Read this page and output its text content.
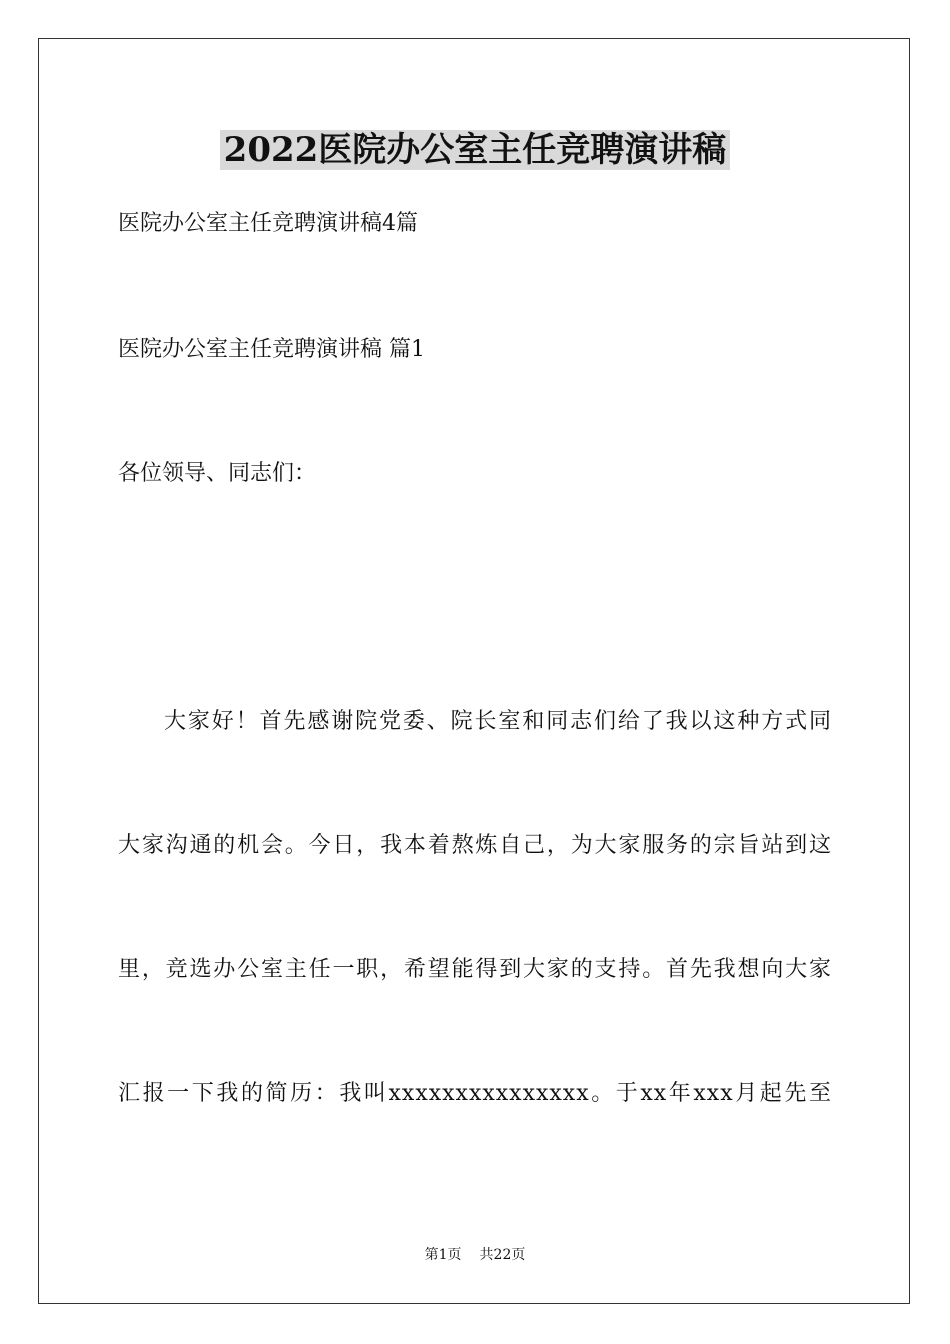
2022医院办公室主任竞聘演讲稿
医院办公室主任竞聘演讲稿4篇
医院办公室主任竞聘演讲稿 篇1
各位领导、同志们：
大家好！首先感谢院党委、院长室和同志们给了我以这种方式同
大家沟通的机会。今日，我本着熬炼自己，为大家服务的宗旨站到这
里，竞选办公室主任一职，希望能得到大家的支持。首先我想向大家
汇报一下我的简历：我叫xxxxxxxxxxxxxxx。于xx年xxx月起先至
第1页 共22页
